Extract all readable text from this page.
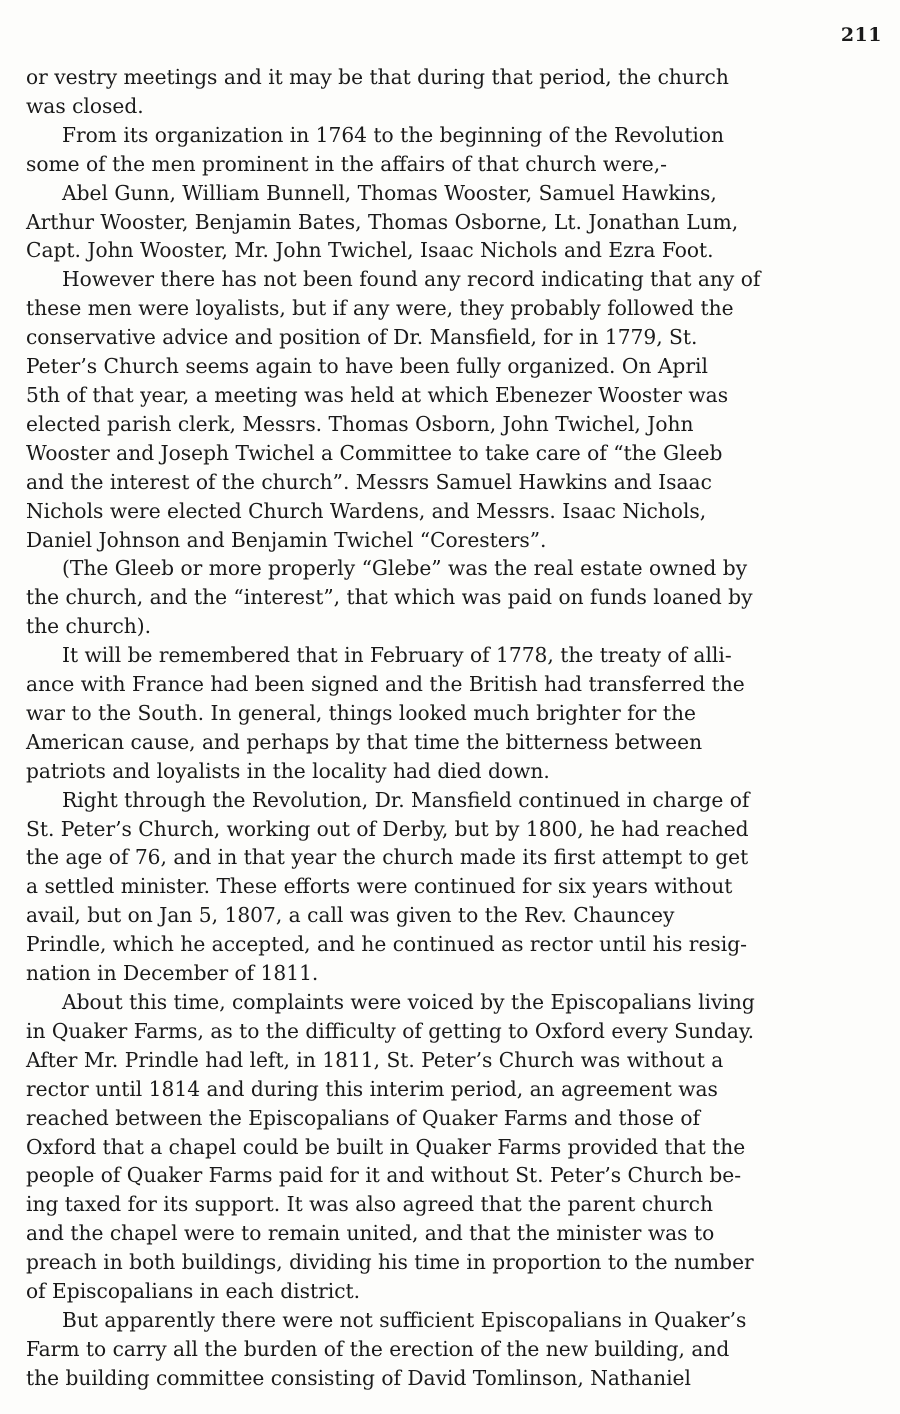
211
or vestry meetings and it may be that during that period, the church
was closed.
From its organization in 1764 to the beginning of the Revolution
some of the men prominent in the affairs of that church were,-
Abel Gunn, William Bunnell, Thomas Wooster, Samuel Hawkins,
Arthur Wooster, Benjamin Bates, Thomas Osborne, Lt. Jonathan Lum,
Capt. John Wooster, Mr. John Twichel, Isaac Nichols and Ezra Foot.
However there has not been found any record indicating that any of
these men were loyalists, but if any were, they probably followed the
conservative advice and position of Dr. Mansfield, for in 1779, St.
Peter’s Church seems again to have been fully organized. On April
5th of that year, a meeting was held at which Ebenezer Wooster was
elected parish clerk, Messrs. Thomas Osborn, John Twichel, John
Wooster and Joseph Twichel a Committee to take care of “the Gleeb
and the interest of the church”. Messrs Samuel Hawkins and Isaac
Nichols were elected Church Wardens, and Messrs. Isaac Nichols,
Daniel Johnson and Benjamin Twichel “Coresters”.
(The Gleeb or more properly “Glebe” was the real estate owned by
the church, and the “interest”, that which was paid on funds loaned by
the church).
It will be remembered that in February of 1778, the treaty of alli-
ance with France had been signed and the British had transferred the
war to the South. In general, things looked much brighter for the
American cause, and perhaps by that time the bitterness between
patriots and loyalists in the locality had died down.
Right through the Revolution, Dr. Mansfield continued in charge of
St. Peter’s Church, working out of Derby, but by 1800, he had reached
the age of 76, and in that year the church made its first attempt to get
a settled minister. These efforts were continued for six years without
avail, but on Jan 5, 1807, a call was given to the Rev. Chauncey
Prindle, which he accepted, and he continued as rector until his resig-
nation in December of 1811.
About this time, complaints were voiced by the Episcopalians living
in Quaker Farms, as to the difficulty of getting to Oxford every Sunday.
After Mr. Prindle had left, in 1811, St. Peter’s Church was without a
rector until 1814 and during this interim period, an agreement was
reached between the Episcopalians of Quaker Farms and those of
Oxford that a chapel could be built in Quaker Farms provided that the
people of Quaker Farms paid for it and without St. Peter’s Church be-
ing taxed for its support. It was also agreed that the parent church
and the chapel were to remain united, and that the minister was to
preach in both buildings, dividing his time in proportion to the number
of Episcopalians in each district.
But apparently there were not sufficient Episcopalians in Quaker’s
Farm to carry all the burden of the erection of the new building, and
the building committee consisting of David Tomlinson, Nathaniel
